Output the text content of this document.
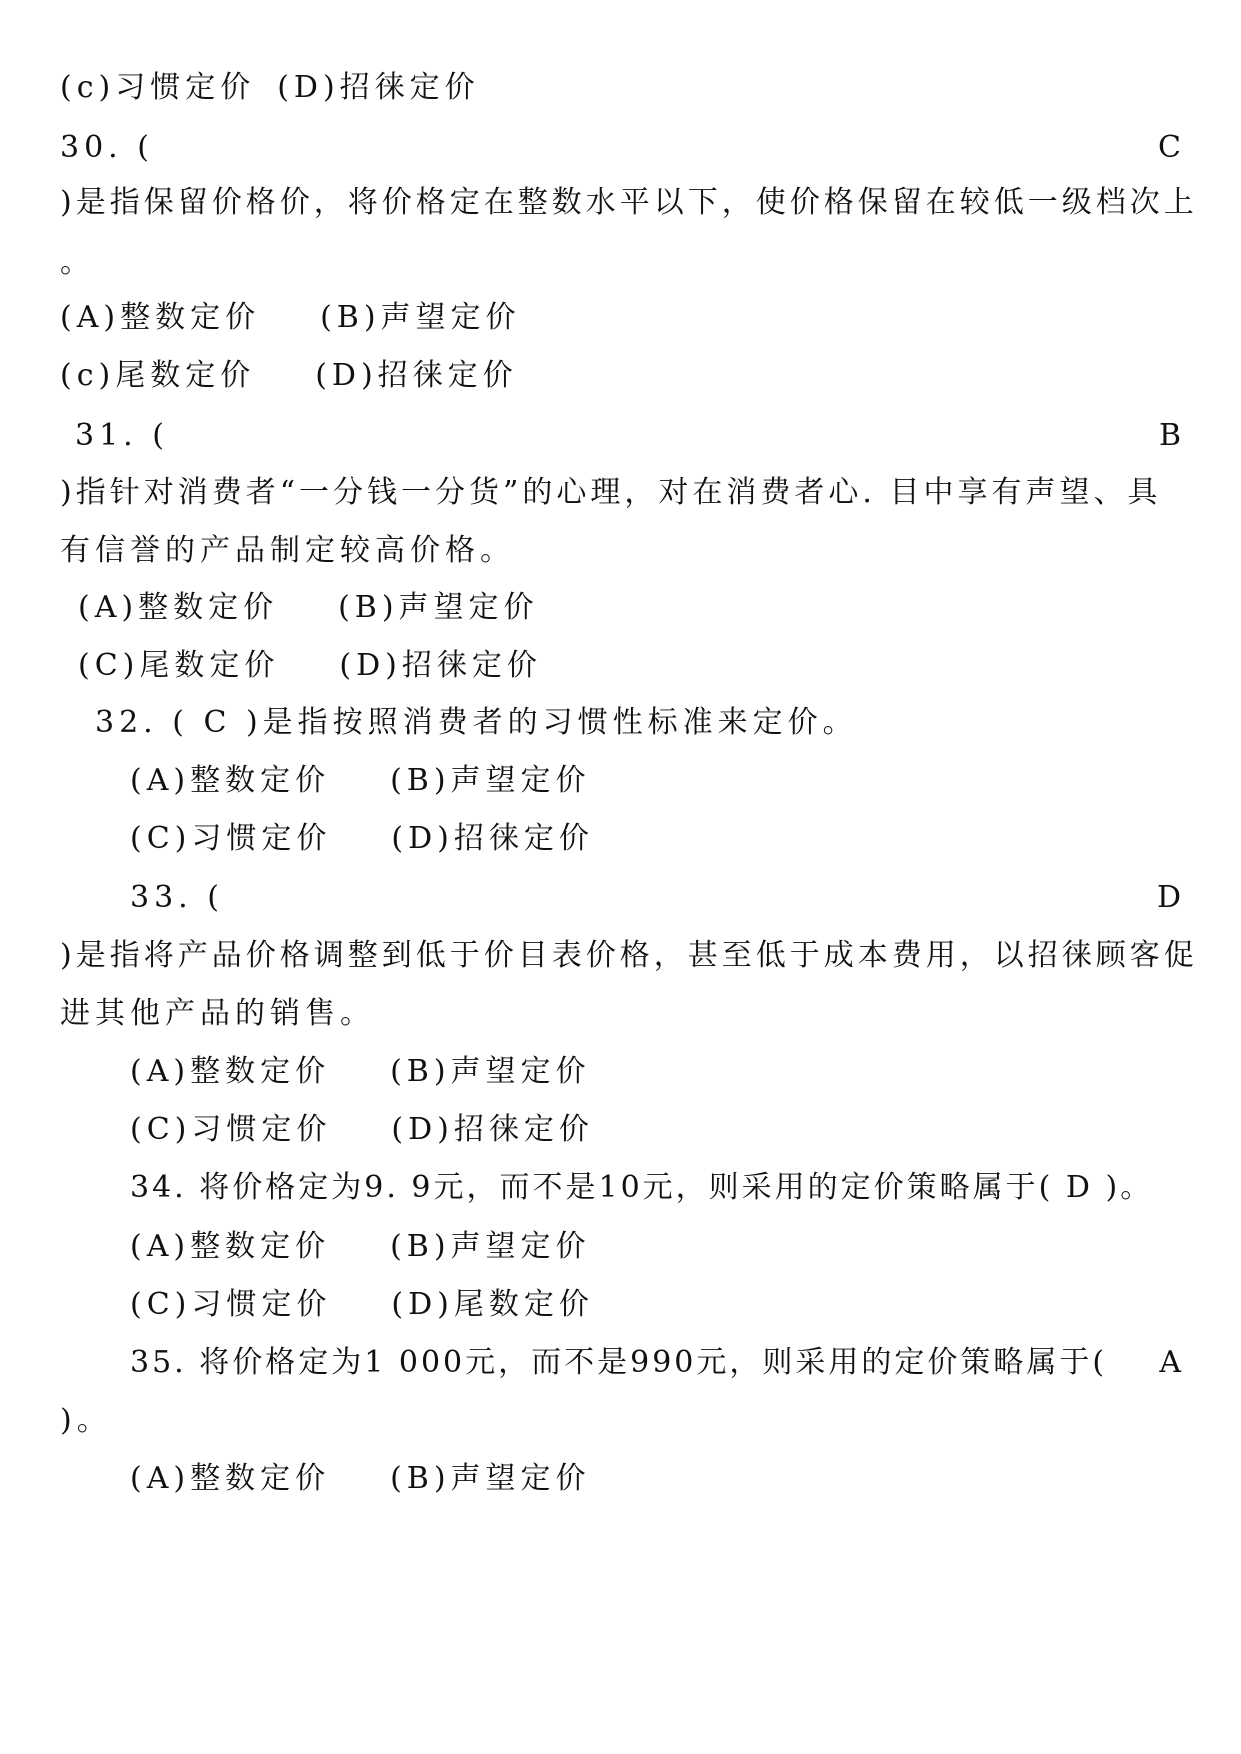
(c)习惯定价 (D)招徕定价
30. (	C
)是指保留价格价，将价格定在整数水平以下，使价格保留在较低一级档次上
。
(A)整数定价 (B)声望定价
(c)尾数定价 (D)招徕定价
31. (	B
)指针对消费者“一分钱一分货”的心理，对在消费者心. 目中享有声望、具
有信誉的产品制定较高价格。
(A)整数定价 (B)声望定价
(C)尾数定价 (D)招徕定价
32. ( C )是指按照消费者的习惯性标准来定价。
(A)整数定价 (B)声望定价
(C)习惯定价 (D)招徕定价
33. (	D
)是指将产品价格调整到低于价目表价格，甚至低于成本费用，以招徕顾客促
进其他产品的销售。
(A)整数定价 (B)声望定价
(C)习惯定价 (D)招徕定价
34. 将价格定为9. 9元，而不是10元，则采用的定价策略属于( D )。
(A)整数定价 (B)声望定价
(C)习惯定价 (D)尾数定价
35. 将价格定为1 000元，而不是990元，则采用的定价策略属于( A
)。
(A)整数定价 (B)声望定价
